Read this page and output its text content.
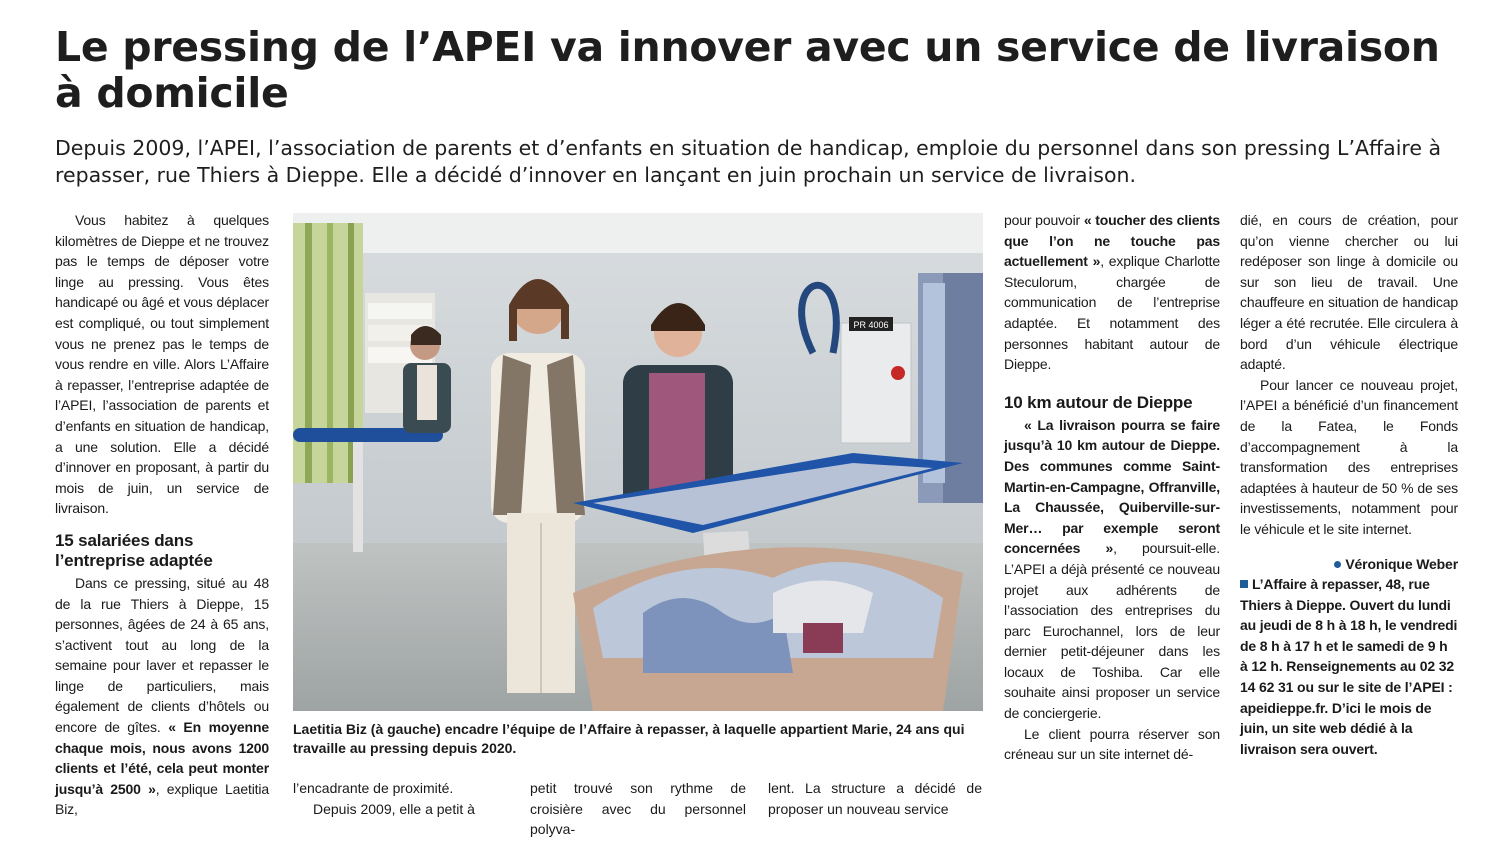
Le pressing de l’APEI va innover avec un service de livraison à domicile

Depuis 2009, l’APEI, l’association de parents et d’enfants en situation de handicap, emploie du personnel dans son pressing L’Affaire à repasser, rue Thiers à Dieppe. Elle a décidé d’innover en lançant en juin prochain un service de livraison.

Vous habitez à quelques kilomètres de Dieppe et ne trouvez pas le temps de déposer votre linge au pressing. Vous êtes handicapé ou âgé et vous déplacer est compliqué, ou tout simplement vous ne prenez pas le temps de vous rendre en ville. Alors L’Affaire à repasser, l’entreprise adaptée de l’APEI, l’association de parents et d’enfants en situation de handicap, a une solution. Elle a décidé d’innover en proposant, à partir du mois de juin, un service de livraison.

15 salariées dans l’entreprise adaptée

Dans ce pressing, situé au 48 de la rue Thiers à Dieppe, 15 personnes, âgées de 24 à 65 ans, s’activent tout au long de la semaine pour laver et repasser le linge de particuliers, mais également de clients d’hôtels ou encore de gîtes. « En moyenne chaque mois, nous avons 1200 clients et l’été, cela peut monter jusqu’à 2500 », explique Laetitia Biz,

PR 4006

Laetitia Biz (à gauche) encadre l’équipe de l’Affaire à repasser, à laquelle appartient Marie, 24 ans qui travaille au pressing depuis 2020.

l’encadrante de proximité.

Depuis 2009, elle a petit à

petit trouvé son rythme de croisière avec du personnel polyva-

lent. La structure a décidé de proposer un nouveau service

pour pouvoir « toucher des clients que l’on ne touche pas actuellement », explique Charlotte Steculorum, chargée de communication de l’entreprise adaptée. Et notamment des personnes habitant autour de Dieppe.

10 km autour de Dieppe

« La livraison pourra se faire jusqu’à 10 km autour de Dieppe. Des communes comme Saint-Martin-en-Campagne, Offranville, La Chaussée, Quiberville-sur-Mer… par exemple seront concernées », poursuit-elle. L’APEI a déjà présenté ce nouveau projet aux adhérents de l’association des entreprises du parc Eurochannel, lors de leur dernier petit-déjeuner dans les locaux de Toshiba. Car elle souhaite ainsi proposer un service de conciergerie.

Le client pourra réserver son créneau sur un site internet dé-

dié, en cours de création, pour qu’on vienne chercher ou lui redéposer son linge à domicile ou sur son lieu de travail. Une chauffeure en situation de handicap léger a été recrutée. Elle circulera à bord d’un véhicule électrique adapté.

Pour lancer ce nouveau projet, l’APEI a bénéficié d’un financement de la Fatea, le Fonds d’accompagnement à la transformation des entreprises adaptées à hauteur de 50 % de ses investissements, notamment pour le véhicule et le site internet.

Véronique Weber

L’Affaire à repasser, 48, rue Thiers à Dieppe. Ouvert du lundi au jeudi de 8 h à 18 h, le vendredi de 8 h à 17 h et le samedi de 9 h à 12 h. Renseignements au 02 32 14 62 31 ou sur le site de l’APEI : apeidieppe.fr. D’ici le mois de juin, un site web dédié à la livraison sera ouvert.
